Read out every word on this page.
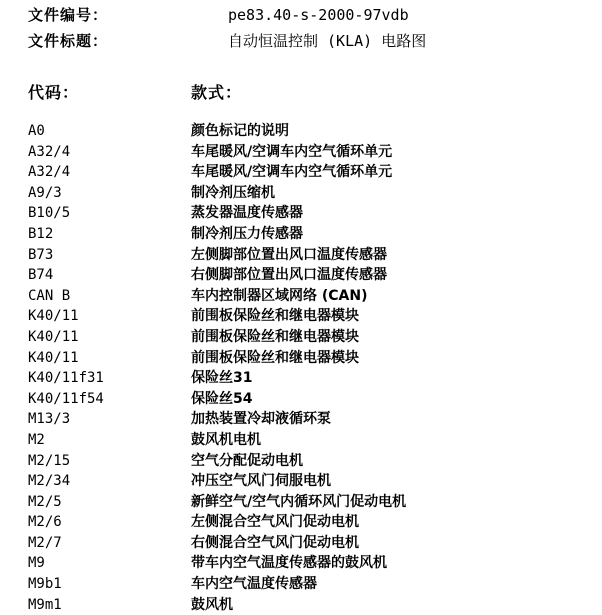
文件编号：	pe83.40-s-2000-97vdb
文件标题：	自动恒温控制 (KLA) 电路图
代码：	款式：
A0	颜色标记的说明
A32/4	车尾暖风/空调车内空气循环单元
A32/4	车尾暖风/空调车内空气循环单元
A9/3	制冷剂压缩机
B10/5	蒸发器温度传感器
B12	制冷剂压力传感器
B73	左侧脚部位置出风口温度传感器
B74	右侧脚部位置出风口温度传感器
CAN B	车内控制器区域网络 (CAN)
K40/11	前围板保险丝和继电器模块
K40/11	前围板保险丝和继电器模块
K40/11	前围板保险丝和继电器模块
K40/11f31	保险丝31
K40/11f54	保险丝54
M13/3	加热装置冷却液循环泵
M2	鼓风机电机
M2/15	空气分配促动电机
M2/34	冲压空气风门伺服电机
M2/5	新鲜空气/空气内循环风门促动电机
M2/6	左侧混合空气风门促动电机
M2/7	右侧混合空气风门促动电机
M9	带车内空气温度传感器的鼓风机
M9b1	车内空气温度传感器
M9m1	鼓风机
